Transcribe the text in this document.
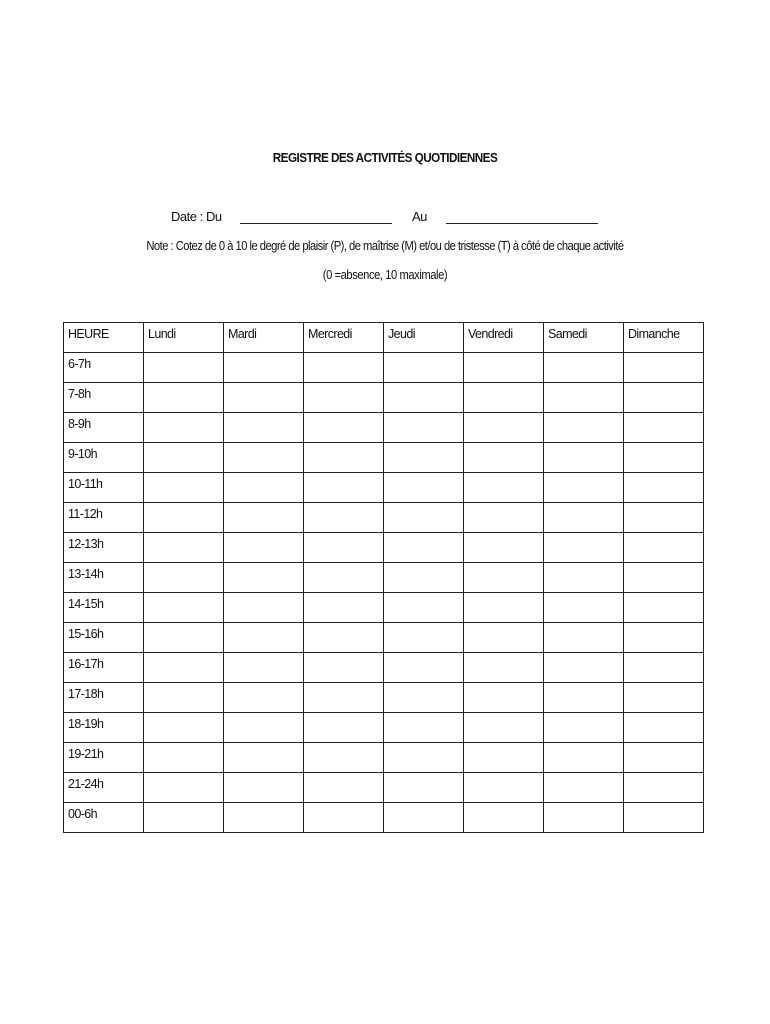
REGISTRE DES ACTIVITÉS QUOTIDIENNES
Date : Du	Au
Note : Cotez de 0 à 10 le degré de plaisir (P), de maîtrise (M) et/ou de tristesse (T) à côté de chaque activité
(0 =absence, 10 maximale)
HEURE	Lundi	Mardi	Mercredi	Jeudi	Vendredi	Samedi	Dimanche
6-7h							
7-8h							
8-9h							
9-10h							
10-11h							
11-12h							
12-13h							
13-14h							
14-15h							
15-16h							
16-17h							
17-18h							
18-19h							
19-21h							
21-24h							
00-6h							
